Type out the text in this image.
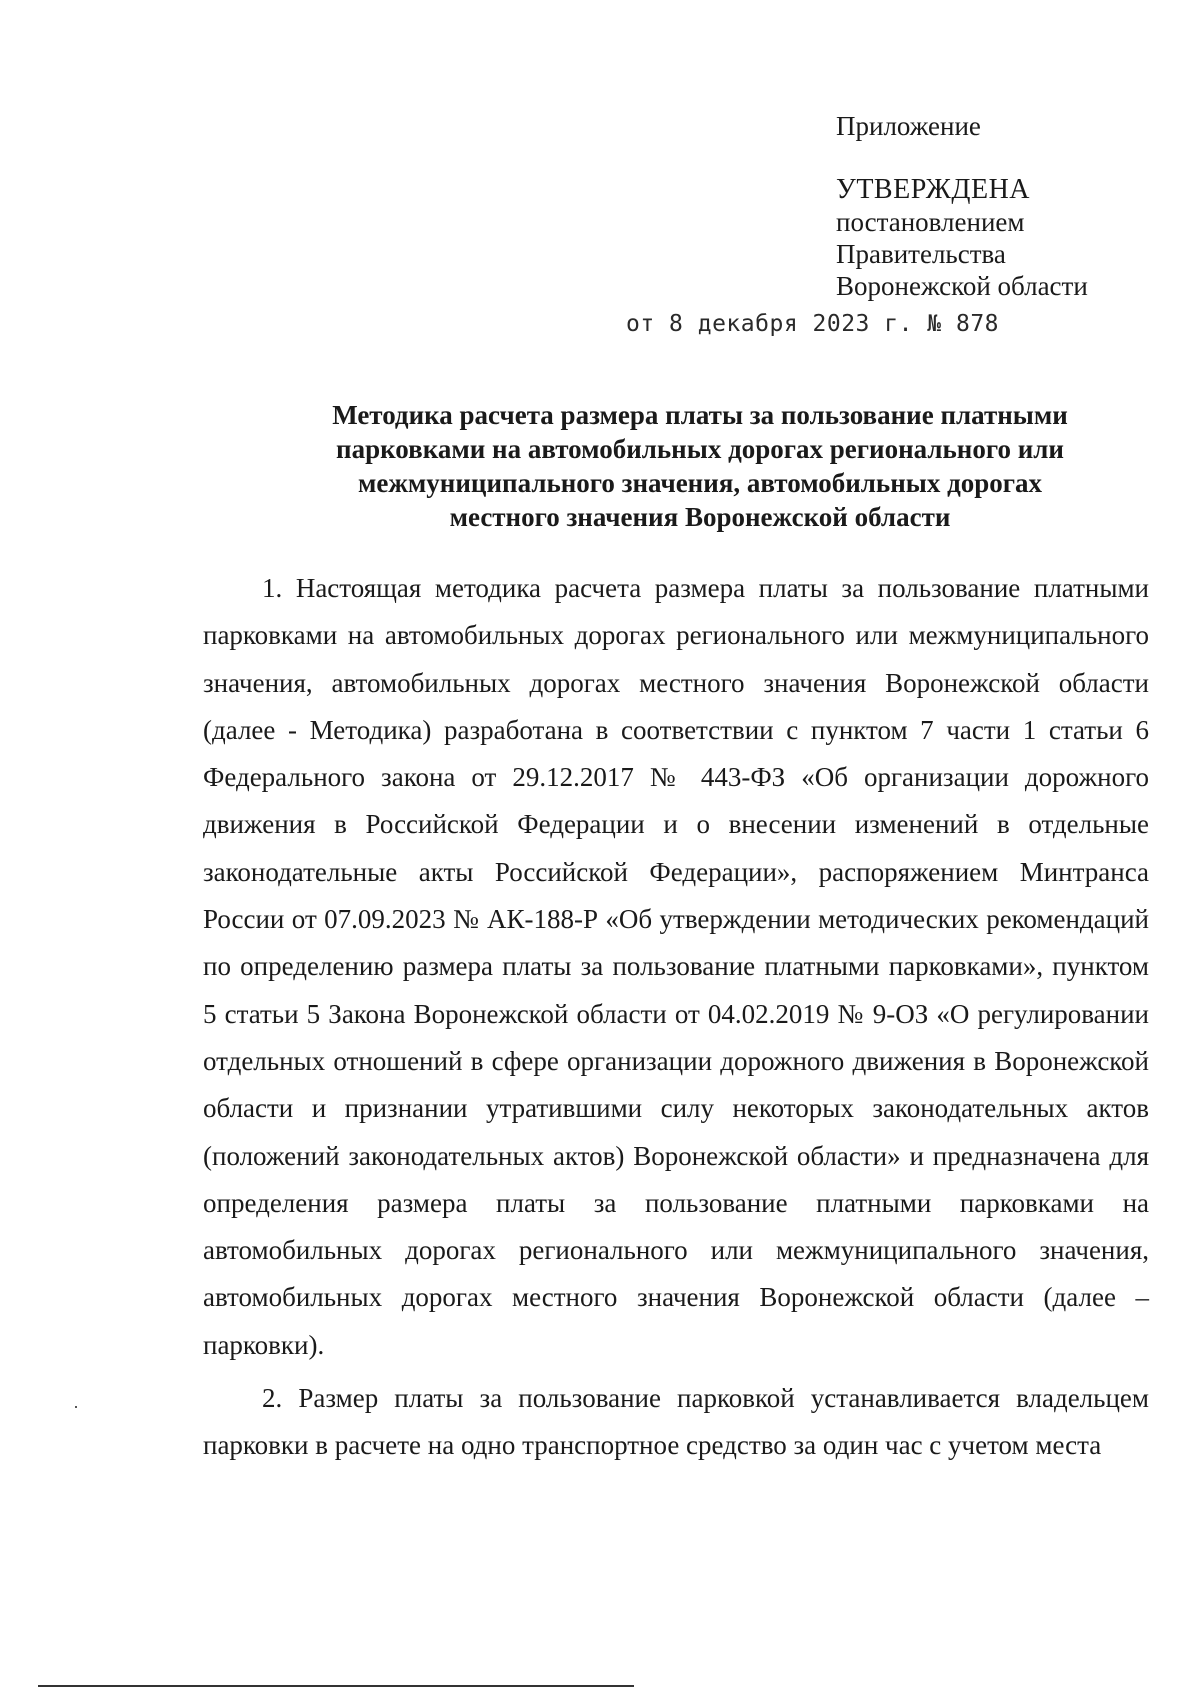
Приложение
УТВЕРЖДЕНА
постановлением
Правительства
Воронежской области
от 8 декабря 2023 г. № 878
Методика расчета размера платы за пользование платными
парковками на автомобильных дорогах регионального или
межмуниципального значения, автомобильных дорогах
местного значения Воронежской области

1. Настоящая методика расчета размера платы за пользование платными парковками на автомобильных дорогах регионального или межмуниципального значения, автомобильных дорогах местного значения Воронежской области (далее - Методика) разработана в соответствии с пунктом 7 части 1 статьи 6 Федерального закона от 29.12.2017 № 443-ФЗ «Об организации дорожного движения в Российской Федерации и о внесении изменений в отдельные законодательные акты Российской Федерации», распоряжением Минтранса России от 07.09.2023 № АК-188-Р «Об утверждении методических рекомендаций по определению размера платы за пользование платными парковками», пунктом 5 статьи 5 Закона Воронежской области от 04.02.2019 № 9-ОЗ «О регулировании отдельных отношений в сфере организации дорожного движения в Воронежской области и признании утратившими силу некоторых законодательных актов (положений законодательных актов) Воронежской области» и предназначена для определения размера платы за пользование платными парковками на автомобильных дорогах регионального или межмуниципального значения, автомобильных дорогах местного значения Воронежской области (далее – парковки).

2. Размер платы за пользование парковкой устанавливается владельцем парковки в расчете на одно транспортное средство за один час с учетом места
